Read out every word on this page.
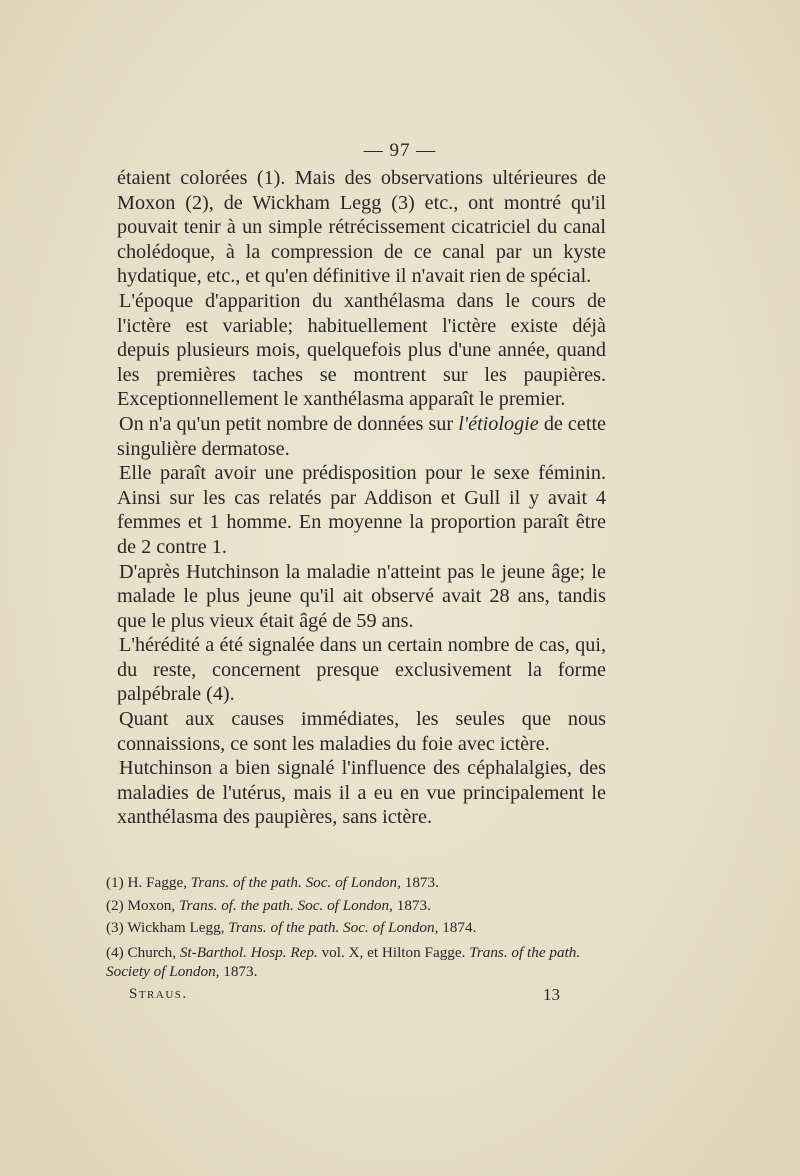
— 97 —

étaient colorées (1). Mais des observations ultérieures de Moxon (2), de Wickham Legg (3) etc., ont montré qu'il pouvait tenir à un simple rétrécissement cicatriciel du canal cholédoque, à la compression de ce canal par un kyste hydatique, etc., et qu'en définitive il n'avait rien de spécial.

L'époque d'apparition du xanthélasma dans le cours de l'ictère est variable; habituellement l'ictère existe déjà depuis plusieurs mois, quelquefois plus d'une année, quand les premières taches se montrent sur les paupières. Exceptionnellement le xanthélasma apparaît le premier.

On n'a qu'un petit nombre de données sur l'étiologie de cette singulière dermatose.

Elle paraît avoir une prédisposition pour le sexe féminin. Ainsi sur les cas relatés par Addison et Gull il y avait 4 femmes et 1 homme. En moyenne la proportion paraît être de 2 contre 1.

D'après Hutchinson la maladie n'atteint pas le jeune âge; le malade le plus jeune qu'il ait observé avait 28 ans, tandis que le plus vieux était âgé de 59 ans.

L'hérédité a été signalée dans un certain nombre de cas, qui, du reste, concernent presque exclusivement la forme palpébrale (4).

Quant aux causes immédiates, les seules que nous connaissions, ce sont les maladies du foie avec ictère.

Hutchinson a bien signalé l'influence des céphalalgies, des maladies de l'utérus, mais il a eu en vue principalement le xanthélasma des paupières, sans ictère.

(1) H. Fagge, Trans. of the path. Soc. of London, 1873.

(2) Moxon, Trans. of. the path. Soc. of London, 1873.

(3) Wickham Legg, Trans. of the path. Soc. of London, 1874.

(4) Church, St-Barthol. Hosp. Rep. vol. X, et Hilton Fagge. Trans. of the path. Society of London, 1873.

Straus.	13
